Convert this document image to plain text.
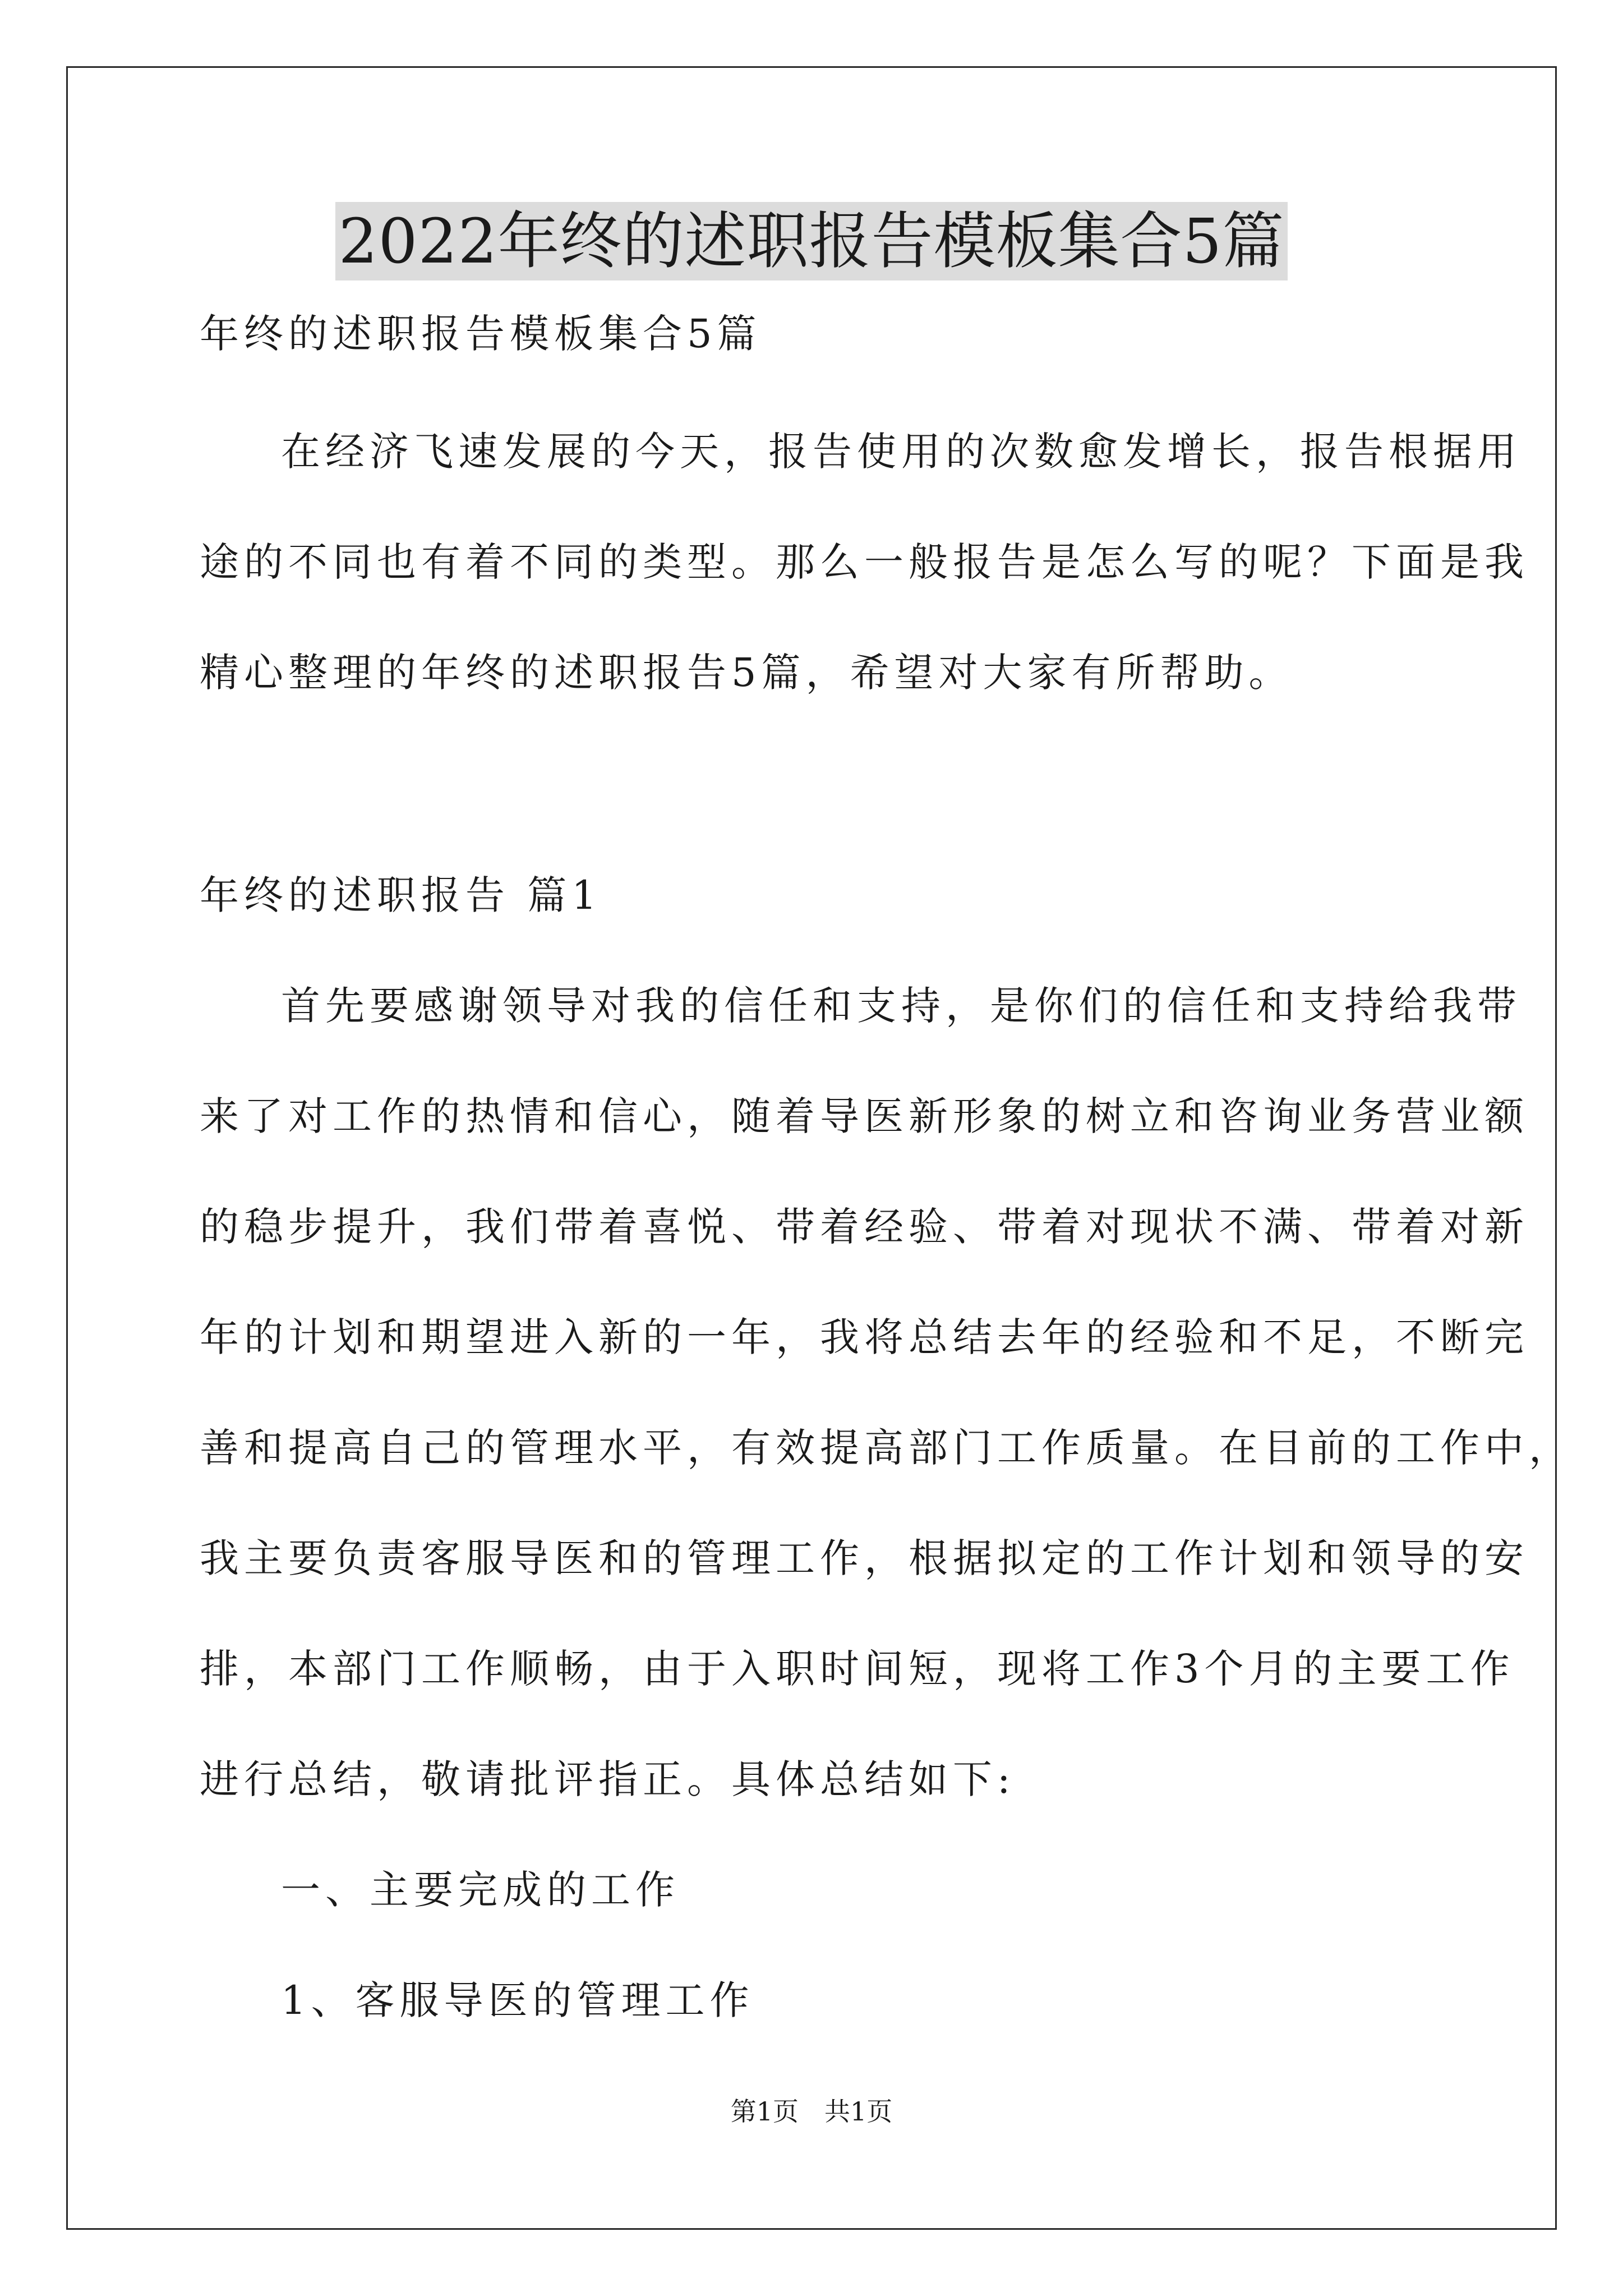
2022年终的述职报告模板集合5篇
年终的述职报告模板集合5篇
在经济飞速发展的今天，报告使用的次数愈发增长，报告根据用
途的不同也有着不同的类型。那么一般报告是怎么写的呢？下面是我
精心整理的年终的述职报告5篇，希望对大家有所帮助。
年终的述职报告 篇1
首先要感谢领导对我的信任和支持，是你们的信任和支持给我带
来了对工作的热情和信心，随着导医新形象的树立和咨询业务营业额
的稳步提升，我们带着喜悦、带着经验、带着对现状不满、带着对新
年的计划和期望进入新的一年，我将总结去年的经验和不足，不断完
善和提高自己的管理水平，有效提高部门工作质量。在目前的工作中，
我主要负责客服导医和的管理工作，根据拟定的工作计划和领导的安
排，本部门工作顺畅，由于入职时间短，现将工作3个月的主要工作
进行总结，敬请批评指正。具体总结如下:
一、主要完成的工作
1、客服导医的管理工作
第1页　共1页
